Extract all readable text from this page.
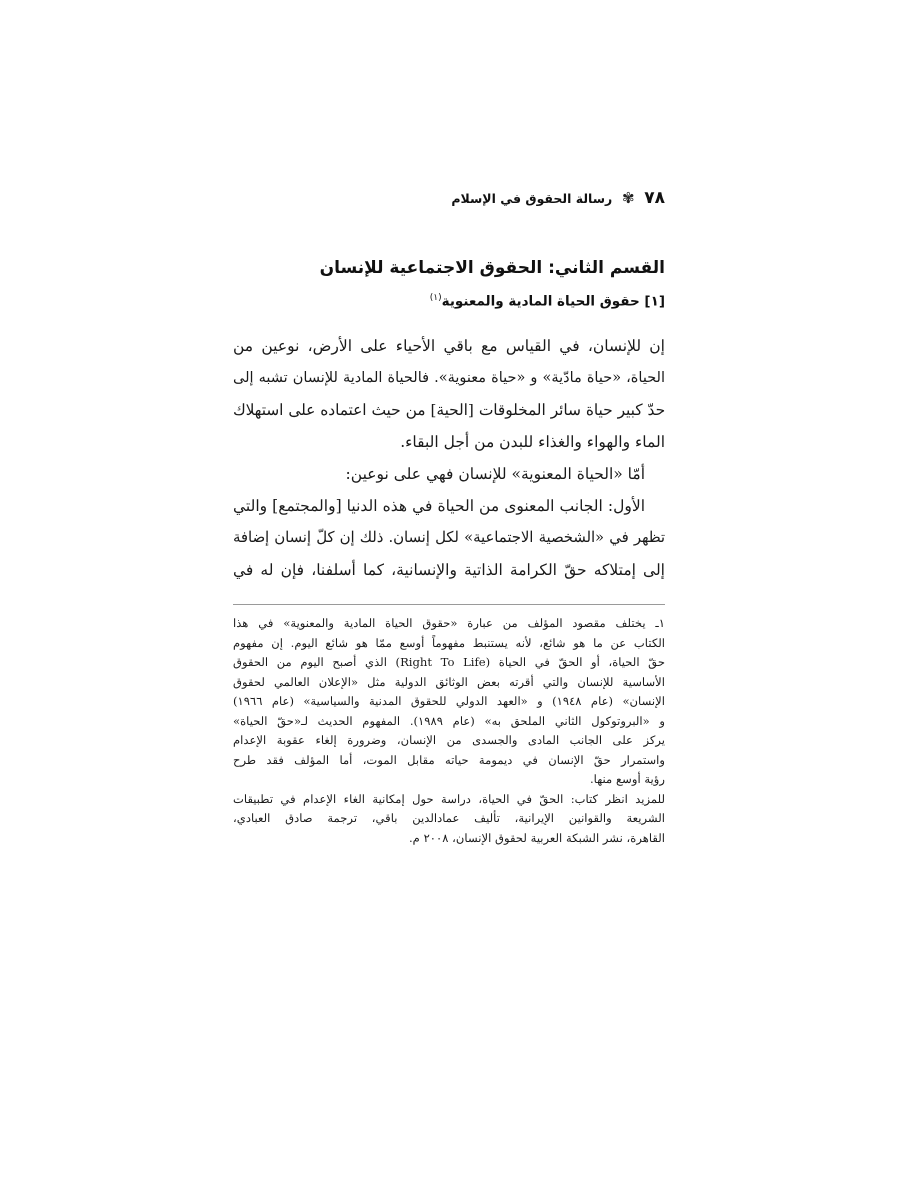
٧٨
✾
رسالة الحقوق في الإسلام
القسم الثاني: الحقوق الاجتماعية للإنسان
[١] حقوق الحياة المادية والمعنوية$^{(١)}$
إن للإنسان، في القياس مع باقي الأحياء على الأرض، نوعين من
الحياة، «حياة مادّية» و «حياة معنوية». فالحياة المادية للإنسان تشبه إلى
حدّ كبير حياة سائر المخلوقات [الحية] من حيث اعتماده على استهلاك
الماء والهواء والغذاء للبدن من أجل البقاء.
أمّا «الحياة المعنوية» للإنسان فهي على نوعين:
الأول: الجانب المعنوى من الحياة في هذه الدنيا [والمجتمع] والتي
تظهر في «الشخصية الاجتماعية» لكل إنسان. ذلك إن كلّ إنسان إضافة
إلى إمتلاكه حقّ الكرامة الذاتية والإنسانية، كما أسلفنا، فإن له في
١ـ يختلف مقصود المؤلف من عبارة «حقوق الحياة المادية والمعنوية» في هذا
الكتاب عن ما هو شائع، لأنه يستنبط مفهوماً أوسع ممّا هو شائع اليوم. إن مفهوم
حقّ الحياة، أو الحقّ في الحياة (Right To Life) الذي أصبح اليوم من الحقوق
الأساسية للإنسان والتي أقرته بعض الوثائق الدولية مثل «الإعلان العالمي لحقوق
الإنسان» (عام ١٩٤٨) و «العهد الدولي للحقوق المدنية والسياسية» (عام ١٩٦٦)
و «البروتوكول الثاني الملحق به» (عام ١٩٨٩). المفهوم الحديث لـ«حقّ الحياة»
يركز على الجانب المادى والجسدى من الإنسان، وضرورة إلغاء عقوبة الإعدام
واستمرار حقّ الإنسان في ديمومة حياته مقابل الموت، أما المؤلف فقد طرح
رؤية أوسع منها.
للمزيد انظر كتاب: الحقّ في الحياة، دراسة حول إمكانية الغاء الإعدام في تطبيقات
الشريعة والقوانين الإيرانية، تأليف عمادالدين باقي، ترجمة صادق العبادي،
القاهرة، نشر الشبكة العربية لحقوق الإنسان، ٢٠٠٨ م.
